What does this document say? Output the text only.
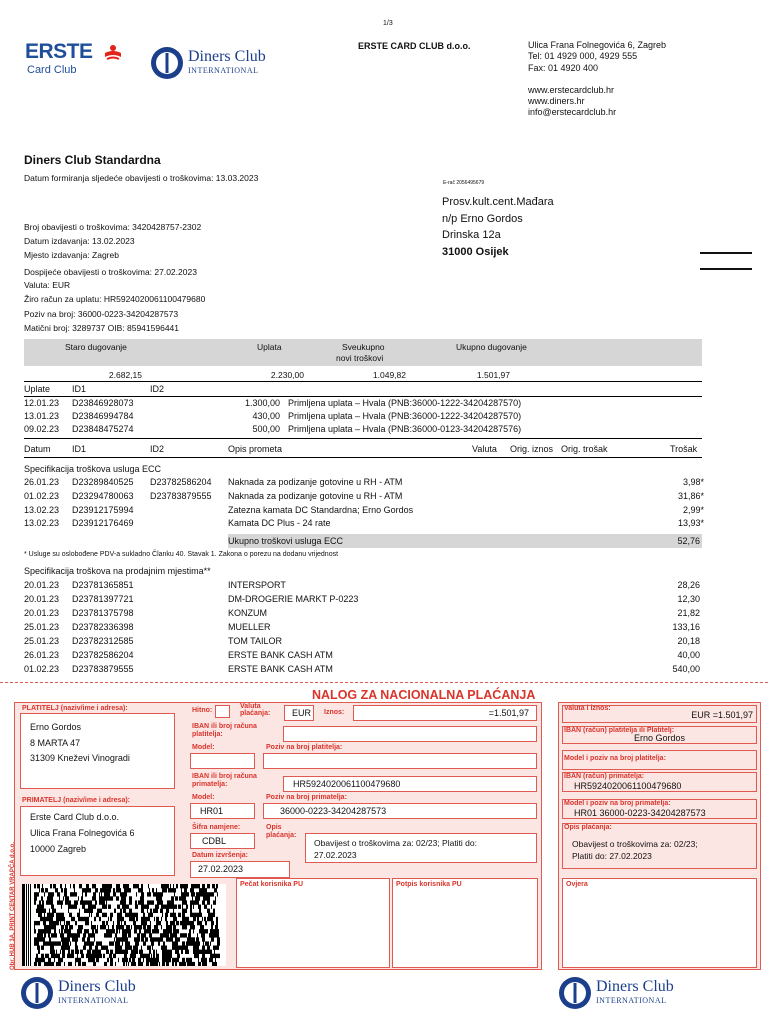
1/3
ERSTE
Card Club
Diners Club
INTERNATIONAL
ERSTE CARD CLUB d.o.o.	Ulica Frana Folnegovića 6, Zagreb
Tel: 01 4929 000, 4929 555
Fax: 01 4920 400
www.erstecardclub.hr
www.diners.hr
info@erstecardclub.hr
Diners Club Standardna
Datum formiranja sljedeće obavijesti o troškovima: 13.03.2023	E-rač 2056495679
Prosv.kult.cent.Mađara
n/p Erno Gordos
Drinska 12a
31000 Osijek
Broj obavijesti o troškovima: 3420428757-2302
Datum izdavanja: 13.02.2023
Mjesto izdavanja: Zagreb
Dospijeće obavijesti o troškovima: 27.02.2023
Valuta: EUR
Žiro račun za uplatu: HR5924020061100479680
Poziv na broj: 36000-0223-34204287573
Matični broj: 3289737 OIB: 85941596441
Staro dugovanje	Uplata	Sveukupno
novi troškovi
Ukupno dugovanje
2.682,15	2.230,00	1.049,82	1.501,97
Uplate ID1	ID2
12.01.23 D23846928073	1.300,00 Primljena uplata – Hvala (PNB:36000-1222-34204287570)
13.01.23 D23846994784	430,00 Primljena uplata – Hvala (PNB:36000-1222-34204287570)
09.02.23 D23848475274	500,00 Primljena uplata – Hvala (PNB:36000-0123-34204287576)
Datum ID1	ID2	Opis prometa	Valuta Orig. iznos Orig. trošak	Trošak
Specifikacija troškova usluga ECC
26.01.23 D23289840525 D23782586204 Naknada za podizanje gotovine u RH - ATM	3,98*
01.02.23 D23294780063 D23783879555 Naknada za podizanje gotovine u RH - ATM	31,86*
13.02.23 D23912175994	Zatezna kamata DC Standardna; Erno Gordos	2,99*
13.02.23 D23912176469	Kamata DC Plus - 24 rate	13,93*
Ukupno troškovi usluga ECC	52,76
* Usluge su oslobođene PDV-a sukladno Članku 40. Stavak 1. Zakona o porezu na dodanu vrijednost
Specifikacija troškova na prodajnim mjestima**
20.01.23 D23781365851	INTERSPORT	28,26
20.01.23 D23781397721	DM-DROGERIE MARKT P-0223	12,30
20.01.23 D23781375798	KONZUM	21,82
25.01.23 D23782336398	MUELLER	133,16
25.01.23 D23782312585	TOM TAILOR	20,18
26.01.23 D23782586204	ERSTE BANK CASH ATM	40,00
01.02.23 D23783879555	ERSTE BANK CASH ATM	540,00
NALOG ZA NACIONALNA PLAĆANJA
PLATITELJ (naziv/ime i adresa):
Erno Gordos
8 MARTA 47
31309 Kneževi Vinogradi
PRIMATELJ (naziv/ime i adresa):
Erste Card Club d.o.o.
Ulica Frana Folnegovića 6
10000 Zagreb
Obr. HUB 3A, PRINT CENTAR VRAPČA d.o.o.
Hitno:
Valuta plaćanja:	EUR Iznos:	=1.501,97
IBAN ili broj računa platitelja:
Model:	Poziv na broj platitelja:
IBAN ili broj računa primatelja:	HR5924020061100479680
Model:	Poziv na broj primatelja:
HR01	36000-0223-34204287573
Šifra namjene:
CDBL
Opis plaćanja:
Obavijest o troškovima za: 02/23; Platiti do:
27.02.2023
Datum izvršenja:
27.02.2023
Pečat korisnika PU	Potpis korisnika PU
Valuta i iznos:
EUR =1.501,97
IBAN (račun) platitelja ili Platitelj:
Erno Gordos
Model i poziv na broj platitelja:
IBAN (račun) primatelja:
HR5924020061100479680
Model i poziv na broj primatelja:
HR01 36000-0223-34204287573
Opis plaćanja:
Obavijest o troškovima za: 02/23;
Platiti do: 27.02.2023
Ovjera
Diners Club
INTERNATIONAL
Diners Club
INTERNATIONAL
